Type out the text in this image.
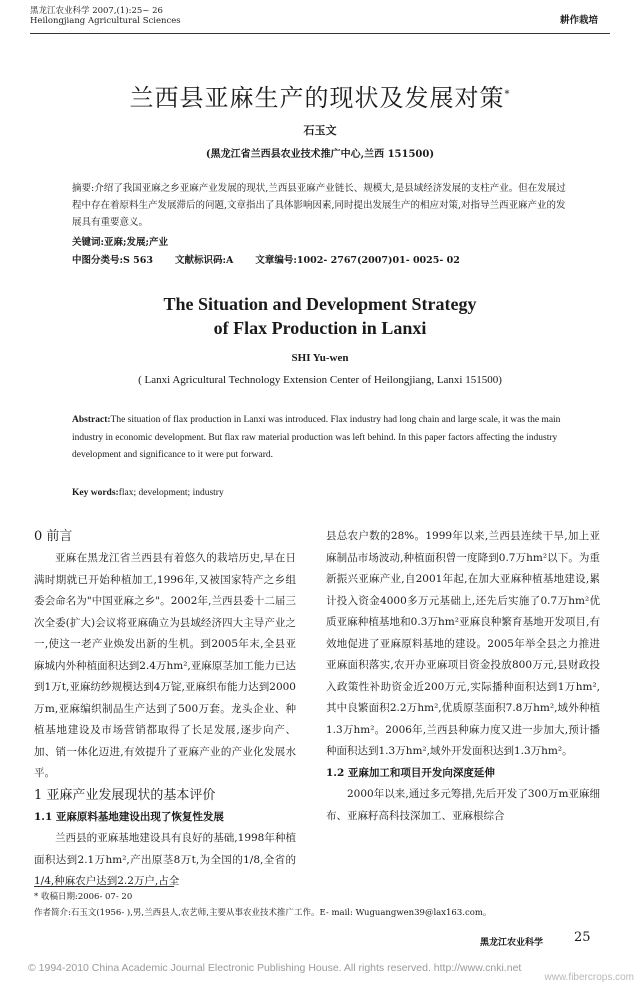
黑龙江农业科学 2007,(1):25~ 26
Heilongjiang Agricultural Sciences	耕作栽培
兰西县亚麻生产的现状及发展对策*
石玉文
(黑龙江省兰西县农业技术推广中心,兰西 151500)
摘要:介绍了我国亚麻之乡亚麻产业发展的现状,兰西县亚麻产业链长、规模大,是县域经济发展的支柱产业。但在发展过程中存在着原料生产发展滞后的问题,文章指出了具体影响因素,同时提出发展生产的相应对策,对指导兰西亚麻产业的发展具有重要意义。
关键词:亚麻;发展;产业
中图分类号:S 563 文献标识码:A 文章编号:1002- 2767(2007)01- 0025- 02
The Situation and Development Strategy
of Flax Production in Lanxi
SHI Yu-wen
( Lanxi Agricultural Technology Extension Center of Heilongjiang, Lanxi 151500)
Abstract:The situation of flax production in Lanxi was introduced. Flax industry had long chain and large scale, it was the main industry in economic development. But flax raw material production was left behind. In this paper factors affecting the industry development and significance to it were put forward.
Key words:flax; development; industry
0 前言

亚麻在黑龙江省兰西县有着悠久的栽培历史,早在日满时期就已开始种植加工,1996年,又被国家特产之乡组委会命名为"中国亚麻之乡"。2002年,兰西县委十二届三次全委(扩大)会议将亚麻确立为县域经济四大主导产业之一,使这一老产业焕发出新的生机。到2005年末,全县亚麻城内外种植面积达到2.4万hm²,亚麻原茎加工能力已达到1万t,亚麻纺纱规模达到4万锭,亚麻织布能力达到2000万m,亚麻编织制品生产达到了500万套。龙头企业、种植基地建设及市场营销都取得了长足发展,逐步向产、加、销一体化迈进,有效提升了亚麻产业的产业化发展水平。

1 亚麻产业发展现状的基本评价
1.1 亚麻原料基地建设出现了恢复性发展

兰西县的亚麻基地建设具有良好的基础,1998年种植面积达到2.1万hm²,产出原茎8万t,为全国的1/8,全省的1/4,种麻农户达到2.2万户,占全

县总农户数的28%。1999年以来,兰西县连续干旱,加上亚麻制品市场波动,种植面积曾一度降到0.7万hm²以下。为重新振兴亚麻产业,自2001年起,在加大亚麻种植基地建设,累计投入资金4000多万元基础上,还先后实施了0.7万hm²优质亚麻种植基地和0.3万hm²亚麻良种繁育基地开发项目,有效地促进了亚麻原料基地的建设。2005年举全县之力推进亚麻面积落实,农开办亚麻项目资金投放800万元,县财政投入政策性补助资金近200万元,实际播种面积达到1万hm²,其中良繁面积2.2万hm²,优质原茎面积7.8万hm²,域外种植1.3万hm²。2006年,兰西县种麻力度又进一步加大,预计播种面积达到1.3万hm²,域外开发面积达到1.3万hm²。

1.2 亚麻加工和项目开发向深度延伸

2000年以来,通过多元筹措,先后开发了300万m亚麻细布、亚麻籽高科技深加工、亚麻根综合

* 收稿日期:2006- 07- 20
作者简介:石玉文(1956- ),男,兰西县人,农艺师,主要从事农业技术推广工作。E- mail: Wuguangwen39@lax163.com。
黑龙江农业科学 25
© 1994-2010 China Academic Journal Electronic Publishing House. All rights reserved. http://www.cnki.net
www.fibercrops.com
